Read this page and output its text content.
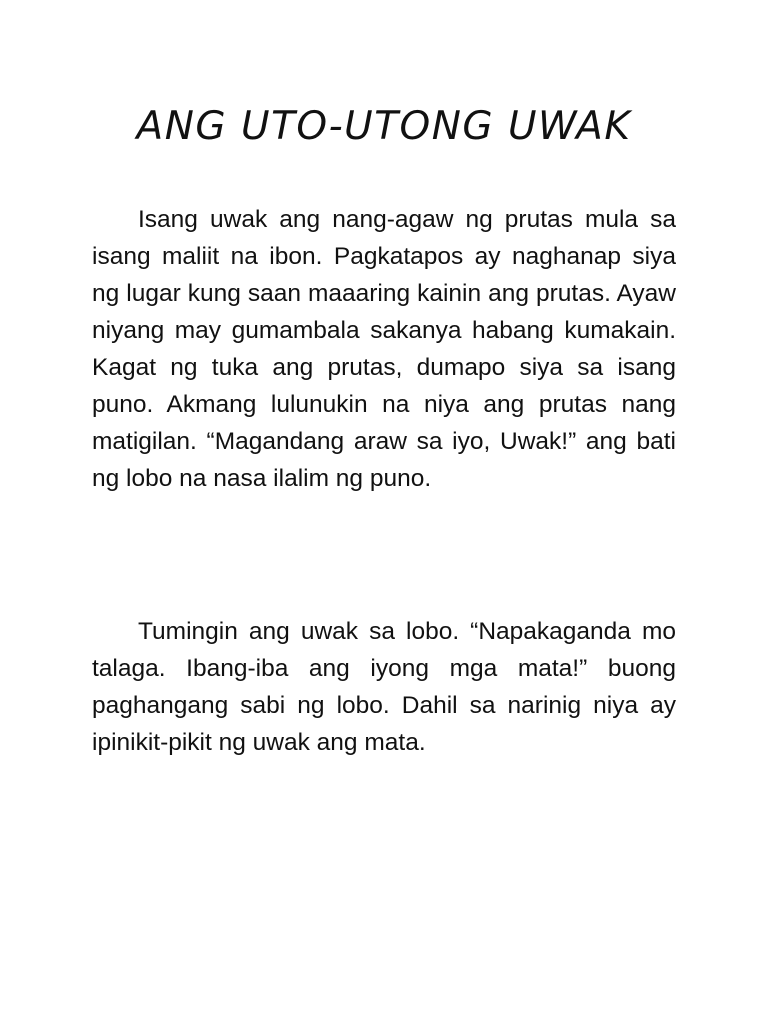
ANG UTO-UTONG UWAK

Isang uwak ang nang-agaw ng prutas mula sa isang maliit na ibon. Pagkatapos ay naghanap siya ng lugar kung saan maaaring kainin ang prutas. Ayaw niyang may gumambala sakanya habang kumakain. Kagat ng tuka ang prutas, dumapo siya sa isang puno. Akmang lulunukin na niya ang prutas nang matigilan. “Magandang araw sa iyo, Uwak!” ang bati ng lobo na nasa ilalim ng puno.

Tumingin ang uwak sa lobo. “Napakaganda mo talaga. Ibang-iba ang iyong mga mata!” buong paghangang sabi ng lobo. Dahil sa narinig niya ay ipinikit-pikit ng uwak ang mata.
